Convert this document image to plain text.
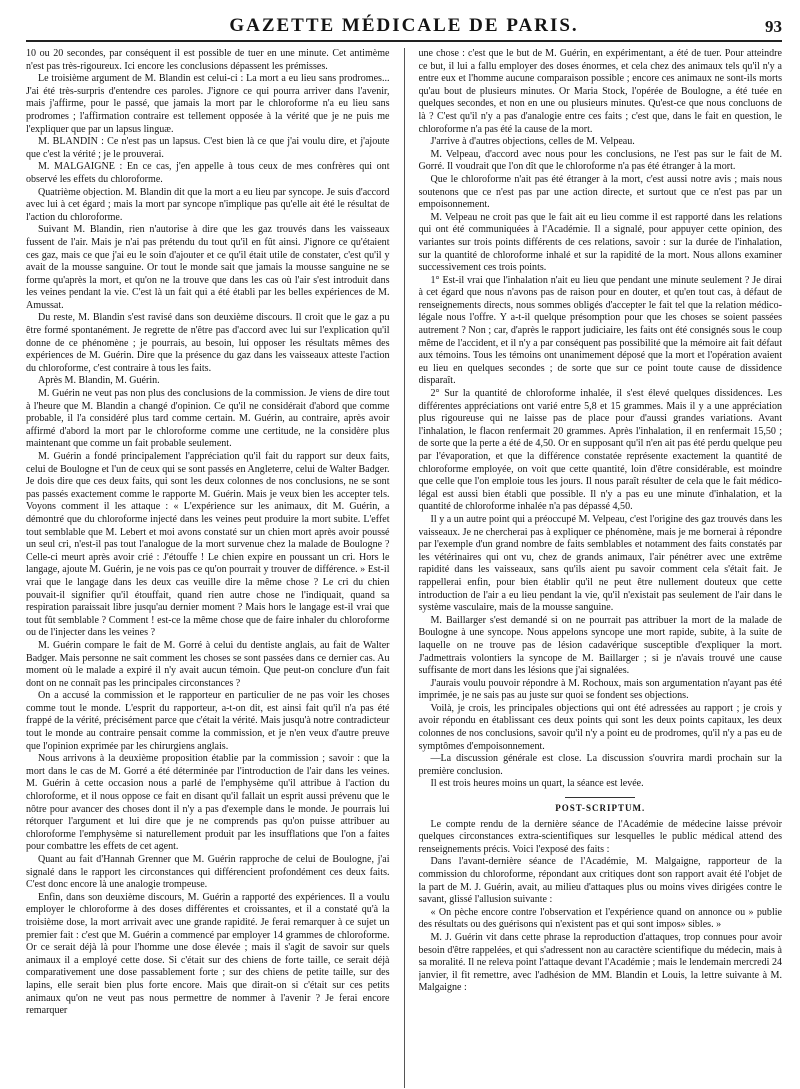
GAZETTE MÉDICALE DE PARIS.	93

10 ou 20 secondes, par conséquent il est possible de tuer en une minute. Cet antimème n'est pas très-rigoureux. Ici encore les conclusions dépassent les prémisses.

Le troisième argument de M. Blandin est celui-ci : La mort a eu lieu sans prodromes... J'ai été très-surpris d'entendre ces paroles. J'ignore ce qui pourra arriver dans l'avenir, mais j'affirme, pour le passé, que jamais la mort par le chloroforme n'a eu lieu sans prodromes ; l'affirmation contraire est tellement opposée à la vérité que je ne puis me l'expliquer que par un lapsus linguæ.

M. BLANDIN : Ce n'est pas un lapsus. C'est bien là ce que j'ai voulu dire, et j'ajoute que c'est la vérité ; je le prouverai.

M. MALGAIGNE : En ce cas, j'en appelle à tous ceux de mes confrères qui ont observé les effets du chloroforme.

Quatrième objection. M. Blandin dit que la mort a eu lieu par syncope. Je suis d'accord avec lui à cet égard ; mais la mort par syncope n'implique pas qu'elle ait été le résultat de l'action du chloroforme.

Suivant M. Blandin, rien n'autorise à dire que les gaz trouvés dans les vaisseaux fussent de l'air. Mais je n'ai pas prétendu du tout qu'il en fût ainsi. J'ignore ce qu'étaient ces gaz, mais ce que j'ai eu le soin d'ajouter et ce qu'il était utile de constater, c'est qu'il y avait de la mousse sanguine. Or tout le monde sait que jamais la mousse sanguine ne se forme qu'après la mort, et qu'on ne la trouve que dans les cas où l'air s'est introduit dans les veines pendant la vie. C'est là un fait qui a été établi par les belles expériences de M. Amussat.

Du reste, M. Blandin s'est ravisé dans son deuxième discours. Il croit que le gaz a pu être formé spontanément. Je regrette de n'être pas d'accord avec lui sur l'explication qu'il donne de ce phénomène ; je pourrais, au besoin, lui opposer les résultats mêmes des expériences de M. Guérin. Dire que la présence du gaz dans les vaisseaux atteste l'action du chloroforme, c'est contraire à tous les faits.

Après M. Blandin, M. Guérin.

M. Guérin ne veut pas non plus des conclusions de la commission. Je viens de dire tout à l'heure que M. Blandin a changé d'opinion. Ce qu'il ne considérait d'abord que comme probable, il l'a considéré plus tard comme certain. M. Guérin, au contraire, après avoir affirmé d'abord la mort par le chloroforme comme une certitude, ne la considère plus maintenant que comme un fait probable seulement.

M. Guérin a fondé principalement l'appréciation qu'il fait du rapport sur deux faits, celui de Boulogne et l'un de ceux qui se sont passés en Angleterre, celui de Walter Badger. Je dois dire que ces deux faits, qui sont les deux colonnes de nos conclusions, ne se sont pas passés exactement comme le rapporte M. Guérin. Mais je veux bien les accepter tels. Voyons comment il les attaque : « L'expérience sur les animaux, dit M. Guérin, a démontré que du chloroforme injecté dans les veines peut produire la mort subite. L'effet tout semblable que M. Lebert et moi avons constaté sur un chien mort après avoir poussé un seul cri, n'est-il pas tout l'analogue de la mort survenue chez la malade de Boulogne ? Celle-ci meurt après avoir crié : J'étouffe ! Le chien expire en poussant un cri. Hors le langage, ajoute M. Guérin, je ne vois pas ce qu'on pourrait y trouver de différence. » Est-il vrai que le langage dans les deux cas veuille dire la même chose ? Le cri du chien pouvait-il signifier qu'il étouffait, quand rien autre chose ne l'indiquait, quand sa respiration paraissait libre jusqu'au dernier moment ? Mais hors le langage est-il vrai que tout fût semblable ? Comment ! est-ce la même chose que de faire inhaler du chloroforme ou de l'injecter dans les veines ?

M. Guérin compare le fait de M. Gorré à celui du dentiste anglais, au fait de Walter Badger. Mais personne ne sait comment les choses se sont passées dans ce dernier cas. Au moment où le malade a expiré il n'y avait aucun témoin. Que peut-on conclure d'un fait dont on ne connaît pas les principales circonstances ?

On a accusé la commission et le rapporteur en particulier de ne pas voir les choses comme tout le monde. L'esprit du rapporteur, a-t-on dit, est ainsi fait qu'il n'a pas été frappé de la vérité, précisément parce que c'était la vérité. Mais jusqu'à notre contradicteur tout le monde au contraire pensait comme la commission, et je n'en veux d'autre preuve que l'opinion exprimée par les chirurgiens anglais.

Nous arrivons à la deuxième proposition établie par la commission ; savoir : que la mort dans le cas de M. Gorré a été déterminée par l'introduction de l'air dans les veines. M. Guérin à cette occasion nous a parlé de l'emphysème qu'il attribue à l'action du chloroforme, et il nous oppose ce fait en disant qu'il fallait un esprit aussi prévenu que le nôtre pour avancer des choses dont il n'y a pas d'exemple dans le monde. Je pourrais lui rétorquer l'argument et lui dire que je ne comprends pas qu'on puisse attribuer au chloroforme l'emphysème si naturellement produit par les insufflations que l'on a faites pour combattre les effets de cet agent.

Quant au fait d'Hannah Grenner que M. Guérin rapproche de celui de Boulogne, j'ai signalé dans le rapport les circonstances qui différencient profondément ces deux faits. C'est donc encore là une analogie trompeuse.

Enfin, dans son deuxième discours, M. Guérin a rapporté des expériences. Il a voulu employer le chloroforme à des doses différentes et croissantes, et il a constaté qu'à la troisième dose, la mort arrivait avec une grande rapidité. Je ferai remarquer à ce sujet un premier fait : c'est que M. Guérin a commencé par employer 14 grammes de chloroforme. Or ce serait déjà là pour l'homme une dose élevée ; mais il s'agit de savoir sur quels animaux il a employé cette dose. Si c'était sur des chiens de forte taille, ce serait déjà comparativement une dose passablement forte ; sur des chiens de petite taille, sur des lapins, elle serait bien plus forte encore. Mais que dirait-on si c'était sur ces petits animaux qu'on ne veut pas nous permettre de nommer à l'avenir ? Je ferai encore remarquer

une chose : c'est que le but de M. Guérin, en expérimentant, a été de tuer. Pour atteindre ce but, il lui a fallu employer des doses énormes, et cela chez des animaux tels qu'il n'y a entre eux et l'homme aucune comparaison possible ; encore ces animaux ne sont-ils morts qu'au bout de plusieurs minutes. Or Maria Stock, l'opérée de Boulogne, a été tuée en quelques secondes, et non en une ou plusieurs minutes. Qu'est-ce que nous concluons de là ? C'est qu'il n'y a pas d'analogie entre ces faits ; c'est que, dans le fait en question, le chloroforme n'a pas été la cause de la mort.

J'arrive à d'autres objections, celles de M. Velpeau.

M. Velpeau, d'accord avec nous pour les conclusions, ne l'est pas sur le fait de M. Gorré. Il voudrait que l'on dît que le chloroforme n'a pas été étranger à la mort.

Que le chloroforme n'ait pas été étranger à la mort, c'est aussi notre avis ; mais nous soutenons que ce n'est pas par une action directe, et surtout que ce n'est pas par un empoisonnement.

M. Velpeau ne croit pas que le fait ait eu lieu comme il est rapporté dans les relations qui ont été communiquées à l'Académie. Il a signalé, pour appuyer cette opinion, des variantes sur trois points différents de ces relations, savoir : sur la durée de l'inhalation, sur la quantité de chloroforme inhalé et sur la rapidité de la mort. Nous allons examiner successivement ces trois points.

1° Est-il vrai que l'inhalation n'ait eu lieu que pendant une minute seulement ? Je dirai à cet égard que nous n'avons pas de raison pour en douter, et qu'en tout cas, à défaut de renseignements directs, nous sommes obligés d'accepter le fait tel que la relation médico-légale nous l'offre. Y a-t-il quelque présomption pour que les choses se soient passées autrement ? Non ; car, d'après le rapport judiciaire, les faits ont été consignés sous le coup même de l'accident, et il n'y a par conséquent pas possibilité que la mémoire ait fait défaut aux témoins. Tous les témoins ont unanimement déposé que la mort et l'opération avaient eu lieu en quelques secondes ; de sorte que sur ce point toute cause de dissidence disparaît.

2° Sur la quantité de chloroforme inhalée, il s'est élevé quelques dissidences. Les différentes appréciations ont varié entre 5,8 et 15 grammes. Mais il y a une appréciation plus rigoureuse qui ne laisse pas de place pour d'aussi grandes variations. Avant l'inhalation, le flacon renfermait 20 grammes. Après l'inhalation, il en renfermait 15,50 ; de sorte que la perte a été de 4,50. Or en supposant qu'il n'en ait pas été perdu quelque peu par l'évaporation, et que la différence constatée représente exactement la quantité de chloroforme employée, on voit que cette quantité, loin d'être considérable, est moindre que celle que l'on emploie tous les jours. Il nous paraît résulter de cela que le fait médico-légal est aussi bien établi que possible. Il n'y a pas eu une minute d'inhalation, et la quantité de chloroforme inhalée n'a pas dépassé 4,50.

Il y a un autre point qui a préoccupé M. Velpeau, c'est l'origine des gaz trouvés dans les vaisseaux. Je ne chercherai pas à expliquer ce phénomène, mais je me bornerai à répondre par l'exemple d'un grand nombre de faits semblables et notamment des faits constatés par les vétérinaires qui ont vu, chez de grands animaux, l'air pénétrer avec une extrême rapidité dans les vaisseaux, sans qu'ils aient pu savoir comment cela s'était fait. Je rappellerai enfin, pour bien établir qu'il ne peut être nullement douteux que cette introduction de l'air a eu lieu pendant la vie, qu'il n'existait pas seulement de l'air dans le système vasculaire, mais de la mousse sanguine.

M. Baillarger s'est demandé si on ne pourrait pas attribuer la mort de la malade de Boulogne à une syncope. Nous appelons syncope une mort rapide, subite, à la suite de laquelle on ne trouve pas de lésion cadavérique susceptible d'expliquer la mort. J'admettrais volontiers la syncope de M. Baillarger ; si je n'avais trouvé une cause suffisante de mort dans les lésions que j'ai signalées.

J'aurais voulu pouvoir répondre à M. Rochoux, mais son argumentation n'ayant pas été imprimée, je ne sais pas au juste sur quoi se fondent ses objections.

Voilà, je crois, les principales objections qui ont été adressées au rapport ; je crois y avoir répondu en établissant ces deux points qui sont les deux points capitaux, les deux colonnes de nos conclusions, savoir qu'il n'y a point eu de prodromes, qu'il n'y a pas eu de symptômes d'empoisonnement.

—La discussion générale est close. La discussion s'ouvrira mardi prochain sur la première conclusion.

Il est trois heures moins un quart, la séance est levée.

POST-SCRIPTUM.

Le compte rendu de la dernière séance de l'Académie de médecine laisse prévoir quelques circonstances extra-scientifiques sur lesquelles le public médical attend des renseignements précis. Voici l'exposé des faits :

Dans l'avant-dernière séance de l'Académie, M. Malgaigne, rapporteur de la commission du chloroforme, répondant aux critiques dont son rapport avait été l'objet de la part de M. J. Guérin, avait, au milieu d'attaques plus ou moins vives dirigées contre le savant, glissé l'allusion suivante :

« On pèche encore contre l'observation et l'expérience quand on annonce ou » publie des résultats ou des guérisons qui n'existent pas et qui sont impos» sibles. »

M. J. Guérin vit dans cette phrase la reproduction d'attaques, trop connues pour avoir besoin d'être rappelées, et qui s'adressent non au caractère scientifique du médecin, mais à sa moralité. Il ne releva point l'attaque devant l'Académie ; mais le lendemain mercredi 24 janvier, il fit remettre, avec l'adhésion de MM. Blandin et Louis, la lettre suivante à M. Malgaigne :
